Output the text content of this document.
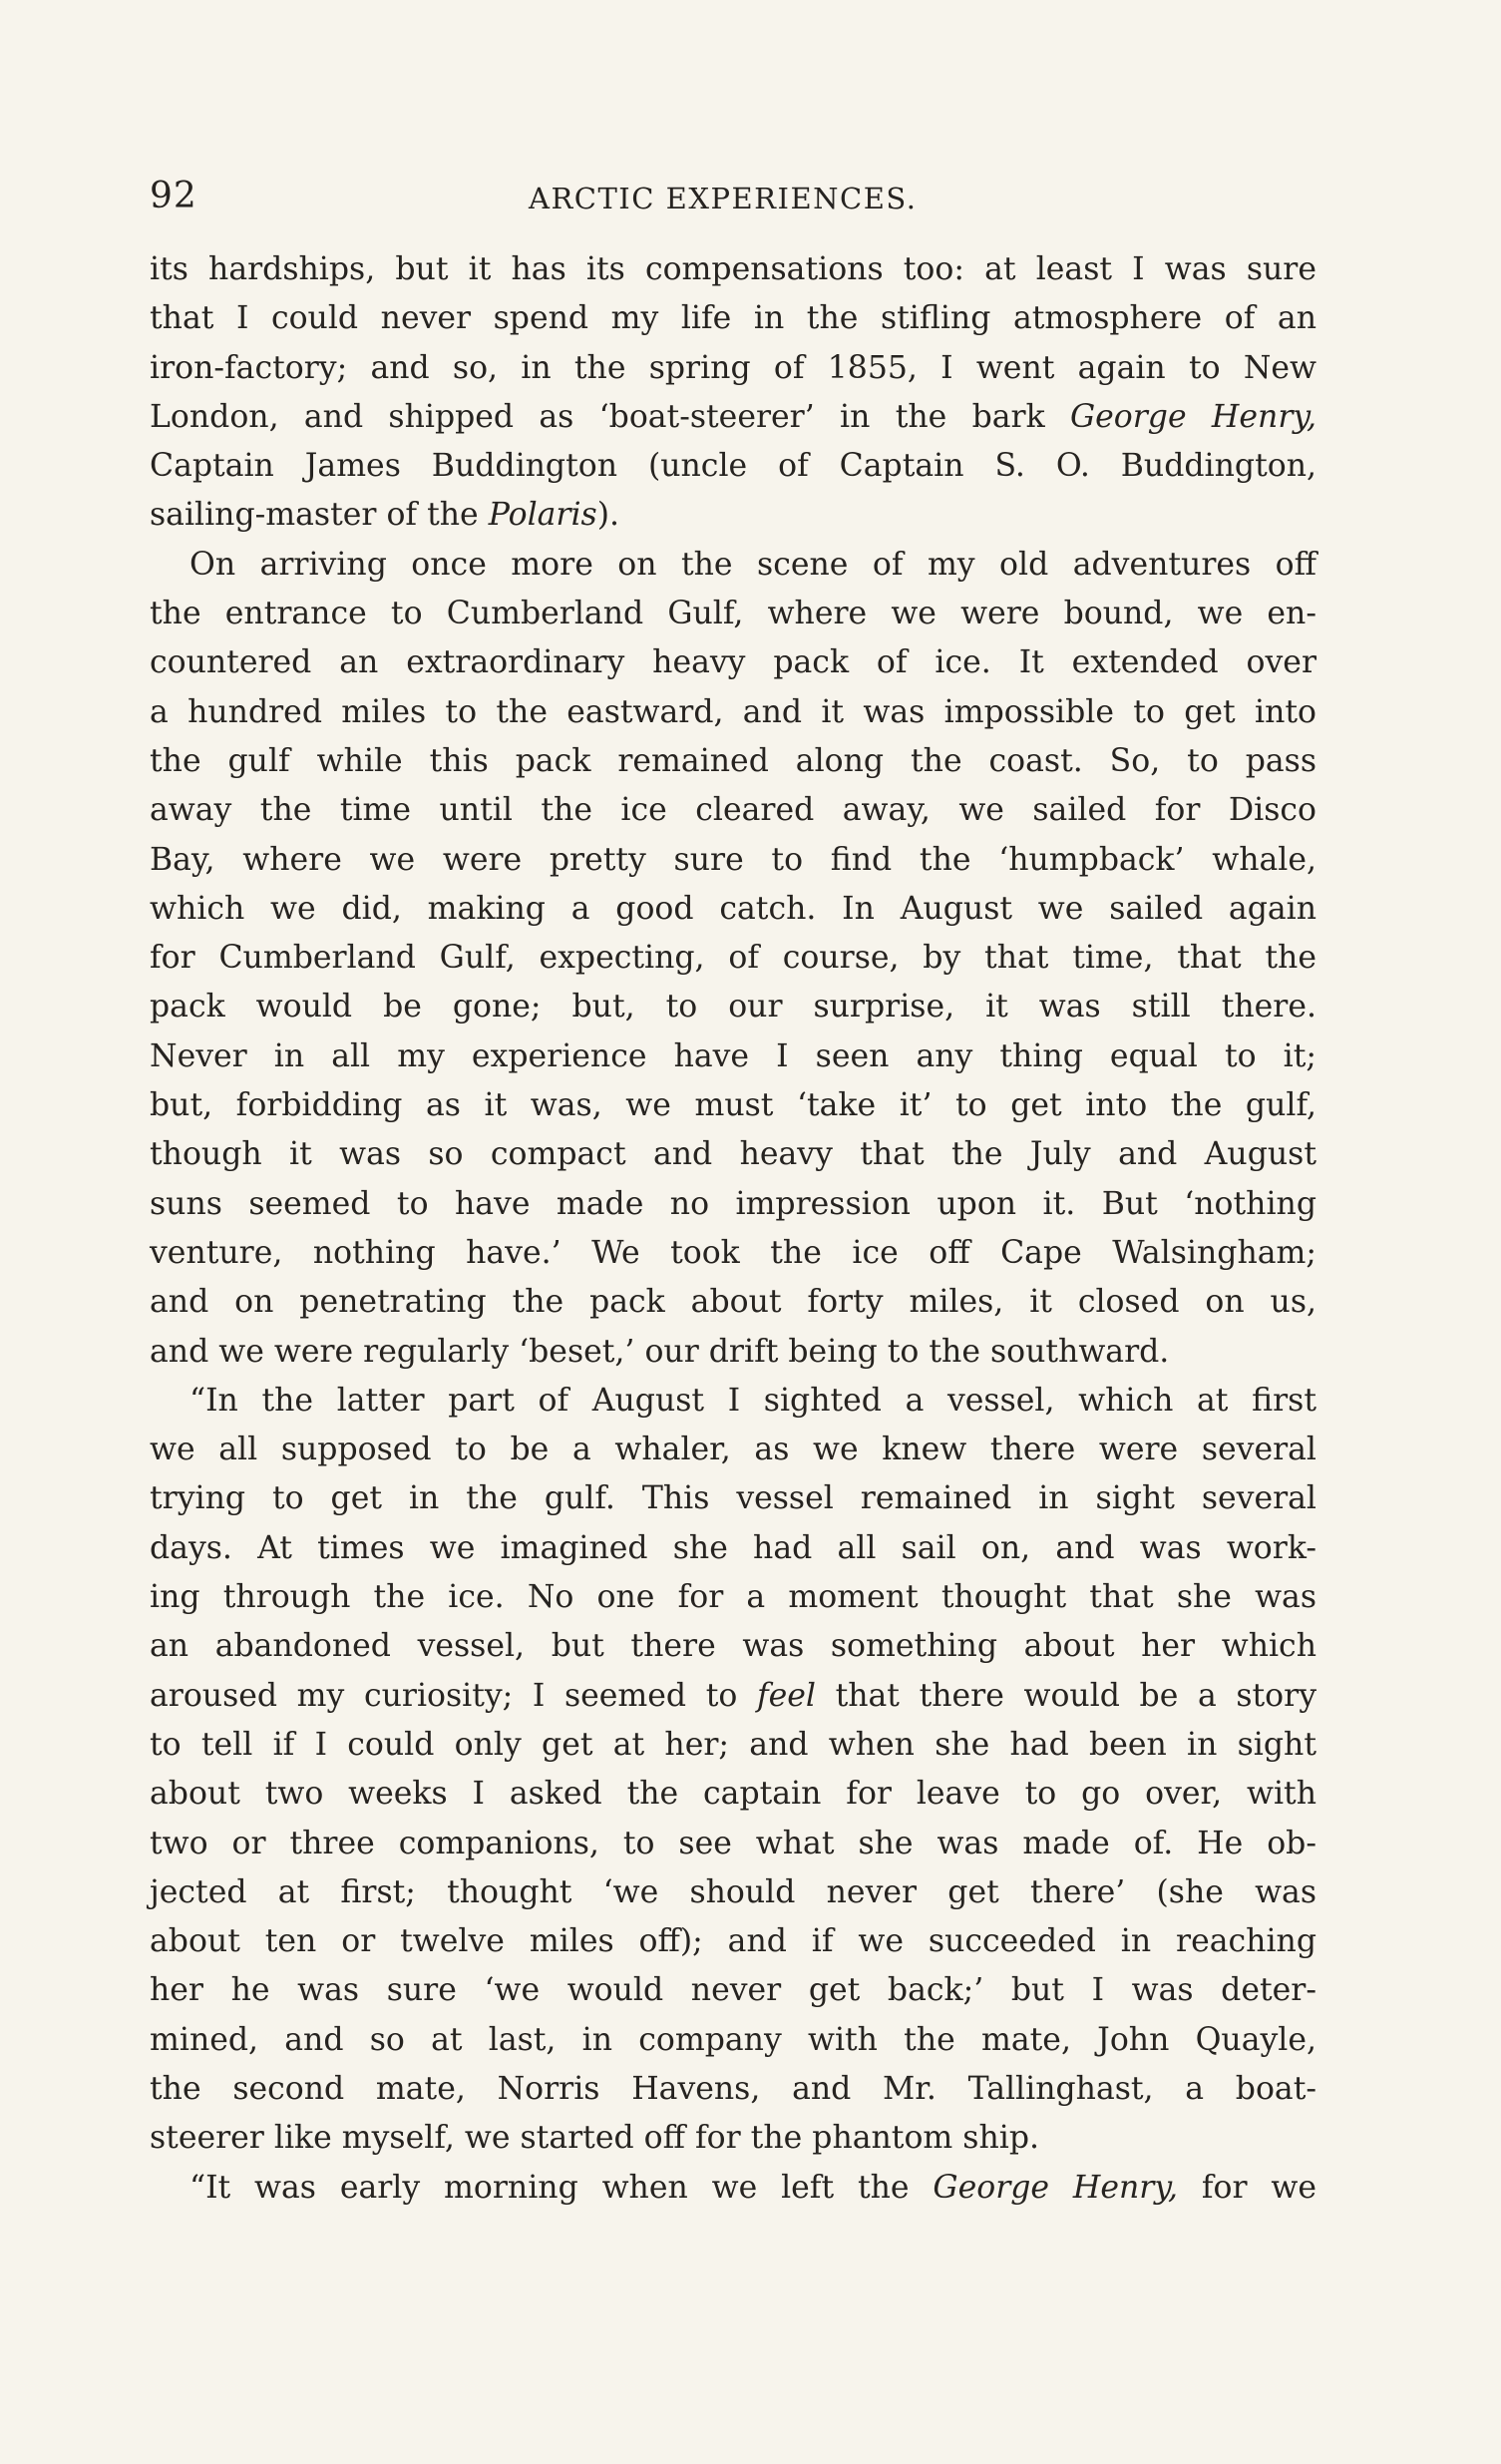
92	ARCTIC EXPERIENCES.
its hardships, but it has its compensations too: at least I was sure
that I could never spend my life in the stifling atmosphere of an
iron-factory; and so, in the spring of 1855, I went again to New
London, and shipped as ‘boat-steerer’ in the bark George Henry,
Captain James Buddington (uncle of Captain S. O. Buddington,
sailing-master of the Polaris).
On arriving once more on the scene of my old adventures off
the entrance to Cumberland Gulf, where we were bound, we en-
countered an extraordinary heavy pack of ice. It extended over
a hundred miles to the eastward, and it was impossible to get into
the gulf while this pack remained along the coast. So, to pass
away the time until the ice cleared away, we sailed for Disco
Bay, where we were pretty sure to find the ‘humpback’ whale,
which we did, making a good catch. In August we sailed again
for Cumberland Gulf, expecting, of course, by that time, that the
pack would be gone; but, to our surprise, it was still there.
Never in all my experience have I seen any thing equal to it;
but, forbidding as it was, we must ‘take it’ to get into the gulf,
though it was so compact and heavy that the July and August
suns seemed to have made no impression upon it. But ‘nothing
venture, nothing have.’ We took the ice off Cape Walsingham;
and on penetrating the pack about forty miles, it closed on us,
and we were regularly ‘beset,’ our drift being to the southward.
“In the latter part of August I sighted a vessel, which at first
we all supposed to be a whaler, as we knew there were several
trying to get in the gulf. This vessel remained in sight several
days. At times we imagined she had all sail on, and was work-
ing through the ice. No one for a moment thought that she was
an abandoned vessel, but there was something about her which
aroused my curiosity; I seemed to feel that there would be a story
to tell if I could only get at her; and when she had been in sight
about two weeks I asked the captain for leave to go over, with
two or three companions, to see what she was made of. He ob-
jected at first; thought ‘we should never get there’ (she was
about ten or twelve miles off); and if we succeeded in reaching
her he was sure ‘we would never get back;’ but I was deter-
mined, and so at last, in company with the mate, John Quayle,
the second mate, Norris Havens, and Mr. Tallinghast, a boat-
steerer like myself, we started off for the phantom ship.
“It was early morning when we left the George Henry, for we
